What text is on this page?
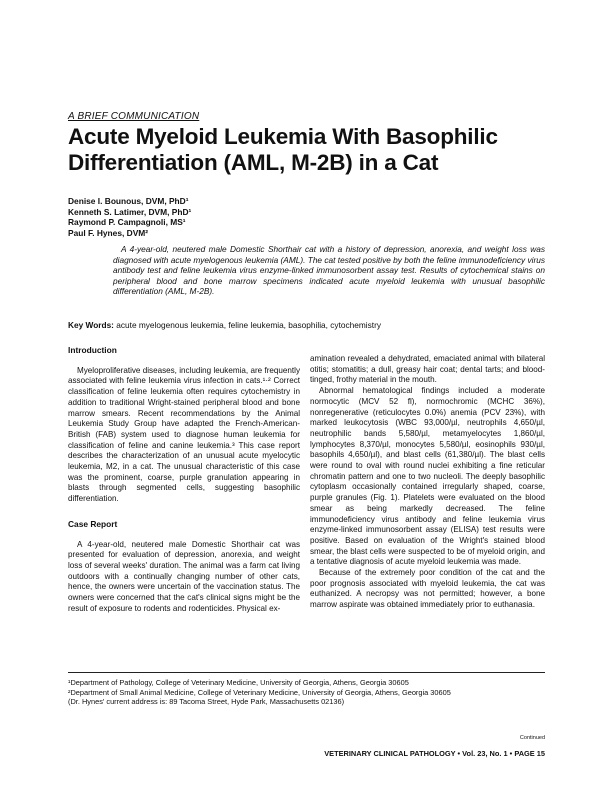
A BRIEF COMMUNICATION
Acute Myeloid Leukemia With Basophilic Differentiation (AML, M-2B) in a Cat
Denise I. Bounous, DVM, PhD¹
Kenneth S. Latimer, DVM, PhD¹
Raymond P. Campagnoli, MS¹
Paul F. Hynes, DVM²
A 4-year-old, neutered male Domestic Shorthair cat with a history of depression, anorexia, and weight loss was diagnosed with acute myelogenous leukemia (AML). The cat tested positive by both the feline immunodeficiency virus antibody test and feline leukemia virus enzyme-linked immunosorbent assay test. Results of cytochemical stains on peripheral blood and bone marrow specimens indicated acute myeloid leukemia with unusual basophilic differentiation (AML, M-2B).
Key Words: acute myelogenous leukemia, feline leukemia, basophilia, cytochemistry
Introduction

Myeloproliferative diseases, including leukemia, are frequently associated with feline leukemia virus infection in cats.¹·² Correct classification of feline leukemia often requires cytochemistry in addition to traditional Wright-stained peripheral blood and bone marrow smears. Recent recommendations by the Animal Leukemia Study Group have adapted the French-American-British (FAB) system used to diagnose human leukemia for classification of feline and canine leukemia.³ This case report describes the characterization of an unusual acute myelocytic leukemia, M2, in a cat. The unusual characteristic of this case was the prominent, coarse, purple granulation appearing in blasts through segmented cells, suggesting basophilic differentiation.

Case Report

A 4-year-old, neutered male Domestic Shorthair cat was presented for evaluation of depression, anorexia, and weight loss of several weeks' duration. The animal was a farm cat living outdoors with a continually changing number of other cats, hence, the owners were uncertain of the vaccination status. The owners were concerned that the cat's clinical signs might be the result of exposure to rodents and rodenticides. Physical ex-

amination revealed a dehydrated, emaciated animal with bilateral otitis; stomatitis; a dull, greasy hair coat; dental tarts; and blood-tinged, frothy material in the mouth.

Abnormal hematological findings included a moderate normocytic (MCV 52 fl), normochromic (MCHC 36%), nonregenerative (reticulocytes 0.0%) anemia (PCV 23%), with marked leukocytosis (WBC 93,000/µl, neutrophils 4,650/µl, neutrophilic bands 5,580/µl, metamyelocytes 1,860/µl, lymphocytes 8,370/µl, monocytes 5,580/µl, eosinophils 930/µl, basophils 4,650/µl), and blast cells (61,380/µl). The blast cells were round to oval with round nuclei exhibiting a fine reticular chromatin pattern and one to two nucleoli. The deeply basophilic cytoplasm occasionally contained irregularly shaped, coarse, purple granules (Fig. 1). Platelets were evaluated on the blood smear as being markedly decreased. The feline immunodeficiency virus antibody and feline leukemia virus enzyme-linked immunosorbent assay (ELISA) test results were positive. Based on evaluation of the Wright's stained blood smear, the blast cells were suspected to be of myeloid origin, and a tentative diagnosis of acute myeloid leukemia was made.

Because of the extremely poor condition of the cat and the poor prognosis associated with myeloid leukemia, the cat was euthanized. A necropsy was not permitted; however, a bone marrow aspirate was obtained immediately prior to euthanasia.

¹Department of Pathology, College of Veterinary Medicine, University of Georgia, Athens, Georgia 30605
²Department of Small Animal Medicine, College of Veterinary Medicine, University of Georgia, Athens, Georgia 30605
(Dr. Hynes' current address is: 89 Tacoma Street, Hyde Park, Massachusetts 02136)
Continued
VETERINARY CLINICAL PATHOLOGY • Vol. 23, No. 1 • PAGE 15
